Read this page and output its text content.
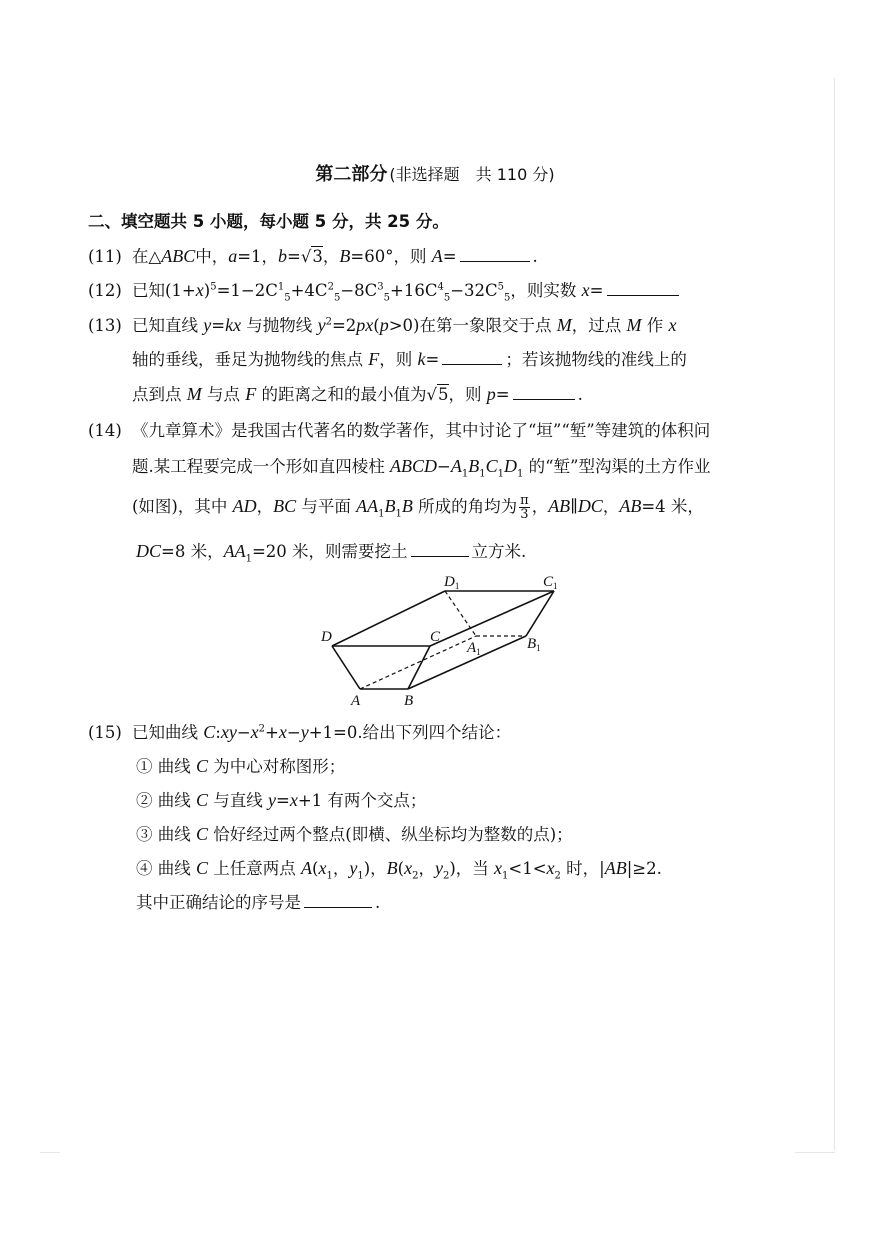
第二部分 (非选择题　共 110 分)
二、填空题共 5 小题，每小题 5 分，共 25 分。
(11) 在△ABC中，a=1，b=√3，B=60°，则 A=	.
(12) 已知$(1+x)^5=1-2C^1_5+4C^2_5-8C^3_5+16C^4_5-32C^5_5$，则实数 x=
(13) 已知直线 y=kx 与抛物线 $y^2=2px(p>0)$在第一象限交于点 M，过点 M 作 x
轴的垂线，垂足为抛物线的焦点 F，则 k=	；若该抛物线的准线上的
点到点 M 与点 F 的距离之和的最小值为√5，则 p=	.
(14) 《九章算术》是我国古代著名的数学著作，其中讨论了“垣”“堑”等建筑的体积问
题.某工程要完成一个形如直四棱柱 $ABCD-A_1B_1C_1D_1$ 的“堑”型沟渠的土方作业
(如图)，其中 AD，BC 与平面 $AA_1B_1B$ 所成的角均为 $\frac{\pi}{3}$ ，AB∥DC，AB=4 米，
DC=8 米，$AA_1=20$ 米，则需要挖土	立方米.
$D_1$	$C_1$
D	C
$A_1$	$B_1$
A	B
(15) 已知曲线 $C:xy-x^2+x-y+1=0$.给出下列四个结论：
① 曲线 C 为中心对称图形；
② 曲线 C 与直线 y=x+1 有两个交点；
③ 曲线 C 恰好经过两个整点(即横、纵坐标均为整数的点)；
④ 曲线 C 上任意两点 $A(x_1$，$y_1$)，$B(x_2$，$y_2$)，当 $x_1<1<x_2$ 时，|AB|≥2.
其中正确结论的序号是	.
